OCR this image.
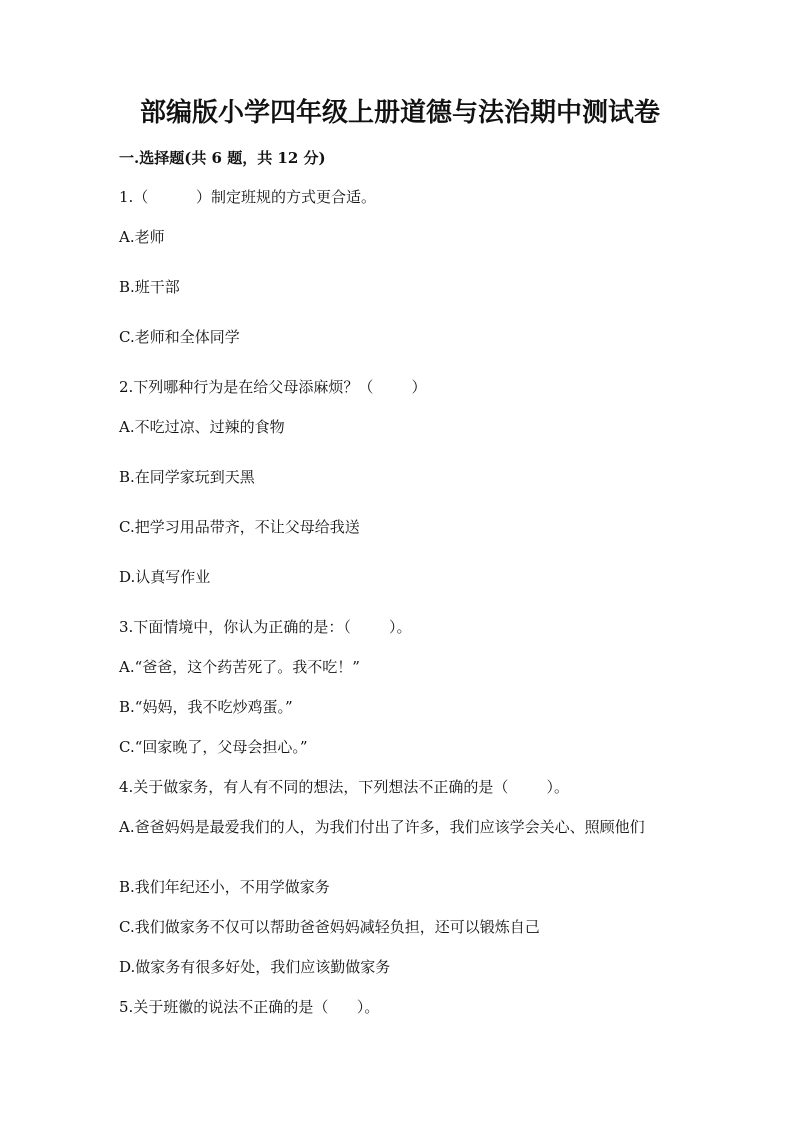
部编版小学四年级上册道德与法治期中测试卷
一.选择题(共 6 题，共 12 分)
1.（          ）制定班规的方式更合适。
A.老师
B.班干部
C.老师和全体同学
2.下列哪种行为是在给父母添麻烦？（        ）
A.不吃过凉、过辣的食物
B.在同学家玩到天黑
C.把学习用品带齐，不让父母给我送
D.认真写作业
3.下面情境中，你认为正确的是：（        ）。
A.“爸爸，这个药苦死了。我不吃！”
B.“妈妈，我不吃炒鸡蛋。”
C.“回家晚了，父母会担心。”
4.关于做家务，有人有不同的想法，下列想法不正确的是（        ）。
A.爸爸妈妈是最爱我们的人，为我们付出了许多，我们应该学会关心、照顾他们
B.我们年纪还小，不用学做家务
C.我们做家务不仅可以帮助爸爸妈妈减轻负担，还可以锻炼自己
D.做家务有很多好处，我们应该勤做家务
5.关于班徽的说法不正确的是（      ）。
